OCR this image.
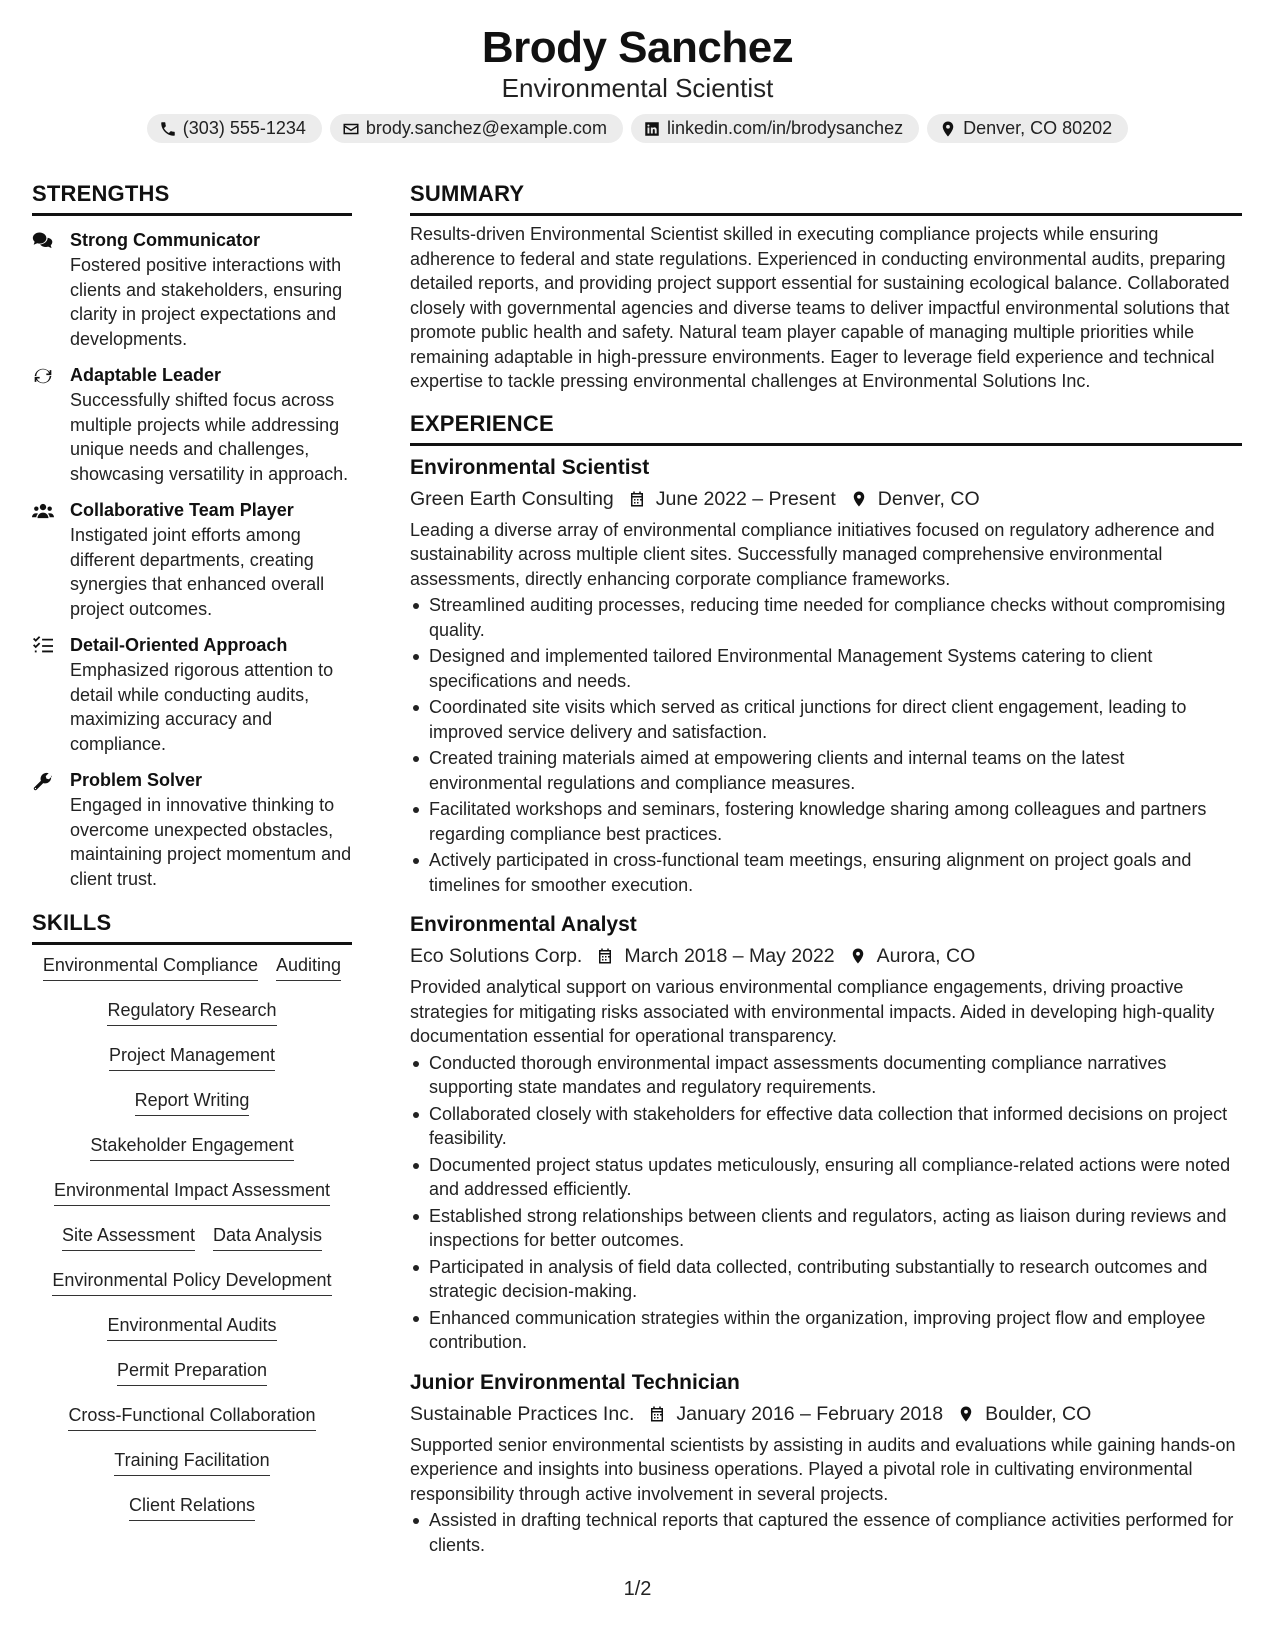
Brody Sanchez
Environmental Scientist
(303) 555-1234	brody.sanchez@example.com	linkedin.com/in/brodysanchez	Denver, CO 80202
STRENGTHS
Strong Communicator
Fostered positive interactions with clients and stakeholders, ensuring clarity in project expectations and developments.
Adaptable Leader
Successfully shifted focus across multiple projects while addressing unique needs and challenges, showcasing versatility in approach.
Collaborative Team Player
Instigated joint efforts among different departments, creating synergies that enhanced overall project outcomes.
Detail-Oriented Approach
Emphasized rigorous attention to detail while conducting audits, maximizing accuracy and compliance.
Problem Solver
Engaged in innovative thinking to overcome unexpected obstacles, maintaining project momentum and client trust.
SKILLS
Environmental Compliance Auditing
Regulatory Research
Project Management
Report Writing
Stakeholder Engagement
Environmental Impact Assessment
Site Assessment Data Analysis
Environmental Policy Development
Environmental Audits
Permit Preparation
Cross-Functional Collaboration
Training Facilitation
Client Relations
SUMMARY

Results-driven Environmental Scientist skilled in executing compliance projects while ensuring adherence to federal and state regulations. Experienced in conducting environmental audits, preparing detailed reports, and providing project support essential for sustaining ecological balance. Collaborated closely with governmental agencies and diverse teams to deliver impactful environmental solutions that promote public health and safety. Natural team player capable of managing multiple priorities while remaining adaptable in high-pressure environments. Eager to leverage field experience and technical expertise to tackle pressing environmental challenges at Environmental Solutions Inc.

EXPERIENCE
Environmental Scientist
Green Earth Consulting June 2022 – Present Denver, CO

Leading a diverse array of environmental compliance initiatives focused on regulatory adherence and sustainability across multiple client sites. Successfully managed comprehensive environmental assessments, directly enhancing corporate compliance frameworks.

Streamlined auditing processes, reducing time needed for compliance checks without compromising quality.
Designed and implemented tailored Environmental Management Systems catering to client specifications and needs.
Coordinated site visits which served as critical junctions for direct client engagement, leading to improved service delivery and satisfaction.
Created training materials aimed at empowering clients and internal teams on the latest environmental regulations and compliance measures.
Facilitated workshops and seminars, fostering knowledge sharing among colleagues and partners regarding compliance best practices.
Actively participated in cross-functional team meetings, ensuring alignment on project goals and timelines for smoother execution.
Environmental Analyst
Eco Solutions Corp. March 2018 – May 2022 Aurora, CO

Provided analytical support on various environmental compliance engagements, driving proactive strategies for mitigating risks associated with environmental impacts. Aided in developing high-quality documentation essential for operational transparency.

Conducted thorough environmental impact assessments documenting compliance narratives supporting state mandates and regulatory requirements.
Collaborated closely with stakeholders for effective data collection that informed decisions on project feasibility.
Documented project status updates meticulously, ensuring all compliance-related actions were noted and addressed efficiently.
Established strong relationships between clients and regulators, acting as liaison during reviews and inspections for better outcomes.
Participated in analysis of field data collected, contributing substantially to research outcomes and strategic decision-making.
Enhanced communication strategies within the organization, improving project flow and employee contribution.
Junior Environmental Technician
Sustainable Practices Inc. January 2016 – February 2018 Boulder, CO

Supported senior environmental scientists by assisting in audits and evaluations while gaining hands-on experience and insights into business operations. Played a pivotal role in cultivating environmental responsibility through active involvement in several projects.

Assisted in drafting technical reports that captured the essence of compliance activities performed for clients.
1/2
